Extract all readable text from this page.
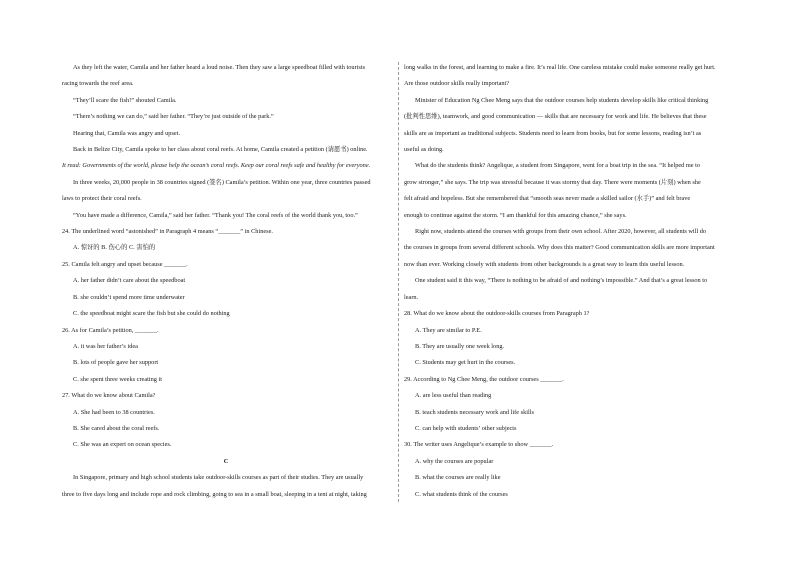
As they left the water, Camila and her father heard a loud noise. Then they saw a large speedboat filled with tourists

racing towards the reef area.

“They’ll scare the fish!” shouted Camila.

“There’s nothing we can do,” said her father. “They’re just outside of the park.”

Hearing that, Camila was angry and upset.

Back in Belize City, Camila spoke to her class about coral reefs. At home, Camila created a petition (请愿书) online.

It read: Governments of the world, please help the ocean’s coral reefs. Keep our coral reefs safe and healthy for everyone.

In three weeks, 20,000 people in 38 countries signed (签名) Camila’s petition. Within one year, three countries passed

laws to protect their coral reefs.

“You have made a difference, Camila,” said her father. “Thank you! The coral reefs of the world thank you, too.”

24. The underlined word “astonished” in Paragraph 4 means “_______” in Chinese.

A. 惊讶的 B. 伤心的 C. 害怕的

25. Camila felt angry and upset because _______.

A. her father didn’t care about the speedboat

B. she couldn’t spend more time underwater

C. the speedboat might scare the fish but she could do nothing

26. As for Camila’s petition, _______.

A. it was her father’s idea

B. lots of people gave her support

C. she spent three weeks creating it

27. What do we know about Camila?

A. She had been to 38 countries.

B. She cared about the coral reefs.

C. She was an expert on ocean species.

C

In Singapore, primary and high school students take outdoor-skills courses as part of their studies. They are usually

three to five days long and include rope and rock climbing, going to sea in a small boat, sleeping in a tent at night, taking

long walks in the forest, and learning to make a fire. It’s real life. One careless mistake could make someone really get hurt.

Are those outdoor skills really important?

Minister of Education Ng Chee Meng says that the outdoor courses help students develop skills like critical thinking

(批判性思维), teamwork, and good communication — skills that are necessary for work and life. He believes that these

skills are as important as traditional subjects. Students need to learn from books, but for some lessons, reading isn’t as

useful as doing.

What do the students think? Angelique, a student from Singapore, went for a boat trip in the sea. “It helped me to

grow stronger,” she says. The trip was stressful because it was stormy that day. There were moments (片刻) when she

felt afraid and hopeless. But she remembered that “smooth seas never made a skilled sailor (水手)” and felt brave

enough to continue against the storm. “I am thankful for this amazing chance,” she says.

Right now, students attend the courses with groups from their own school. After 2020, however, all students will do

the courses in groups from several different schools. Why does this matter? Good communication skills are more important

now than ever. Working closely with students from other backgrounds is a great way to learn this useful lesson.

One student said it this way, “There is nothing to be afraid of and nothing’s impossible.” And that’s a great lesson to

learn.

28. What do we know about the outdoor-skills courses from Paragraph 1?

A. They are similar to P.E.

B. They are usually one week long.

C. Students may get hurt in the courses.

29. According to Ng Chee Meng, the outdoor courses _______.

A. are less useful than reading

B. teach students necessary work and life skills

C. can help with students’ other subjects

30. The writer uses Angelique’s example to show _______.

A. why the courses are popular

B. what the courses are really like

C. what students think of the courses
